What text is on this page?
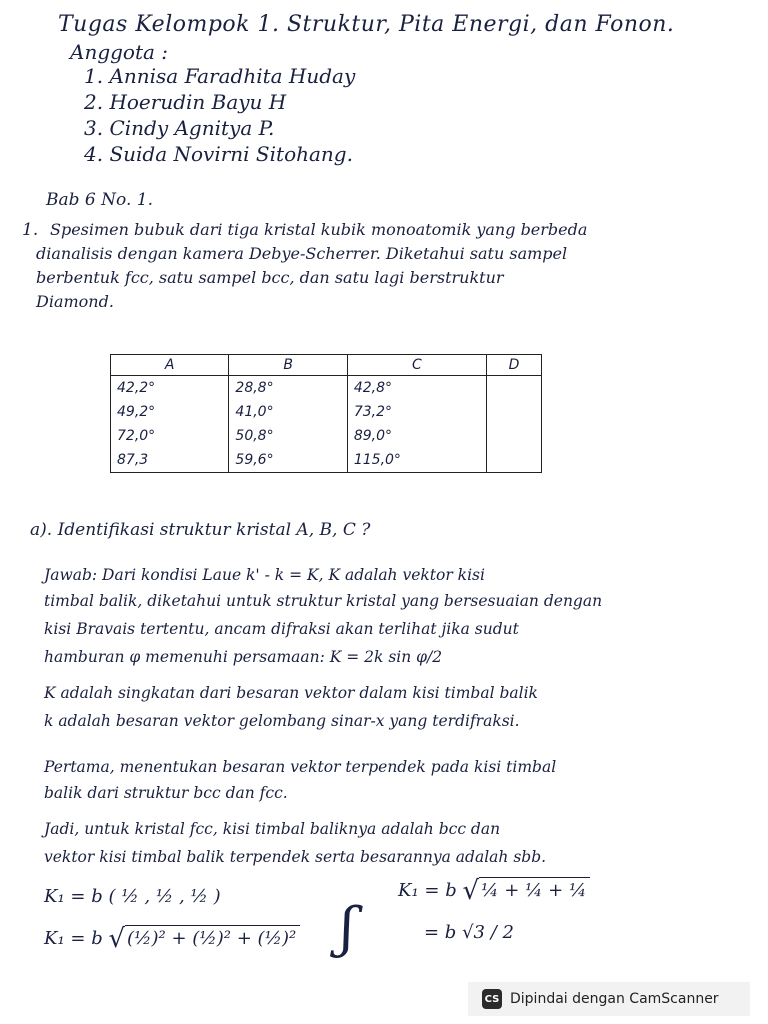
Tugas Kelompok 1. Struktur, Pita Energi, dan Fonon.
Anggota :
1. Annisa Faradhita Huday
2. Hoerudin Bayu H
3. Cindy Agnitya P.
4. Suida Novirni Sitohang.
Bab 6 No. 1.
1. Spesimen bubuk dari tiga kristal kubik monoatomik yang berbeda
dianalisis dengan kamera Debye-Scherrer. Diketahui satu sampel
berbentuk fcc, satu sampel bcc, dan satu lagi berstruktur
Diamond.
A	B	C	D
42,2°	28,8°	42,8°	
49,2°	41,0°	73,2°	
72,0°	50,8°	89,0°	
87,3	59,6°	115,0°	
a). Identifikasi struktur kristal A, B, C ?
Jawab: Dari kondisi Laue k' - k = K, K adalah vektor kisi
timbal balik, diketahui untuk struktur kristal yang bersesuaian dengan
kisi Bravais tertentu, ancam difraksi akan terlihat jika sudut
hamburan φ memenuhi persamaan: K = 2k sin φ/2
K adalah singkatan dari besaran vektor dalam kisi timbal balik
k adalah besaran vektor gelombang sinar-x yang terdifraksi.
Pertama, menentukan besaran vektor terpendek pada kisi timbal
balik dari struktur bcc dan fcc.
Jadi, untuk kristal fcc, kisi timbal baliknya adalah bcc dan
vektor kisi timbal balik terpendek serta besarannya adalah sbb.
K₁ = b ( ½ , ½ , ½ )
K₁ = b √ (½)² + (½)² + (½)² ʃ
K₁ = b √ ¼ + ¼ + ¼
= b √3 / 2
CS Dipindai dengan CamScanner
